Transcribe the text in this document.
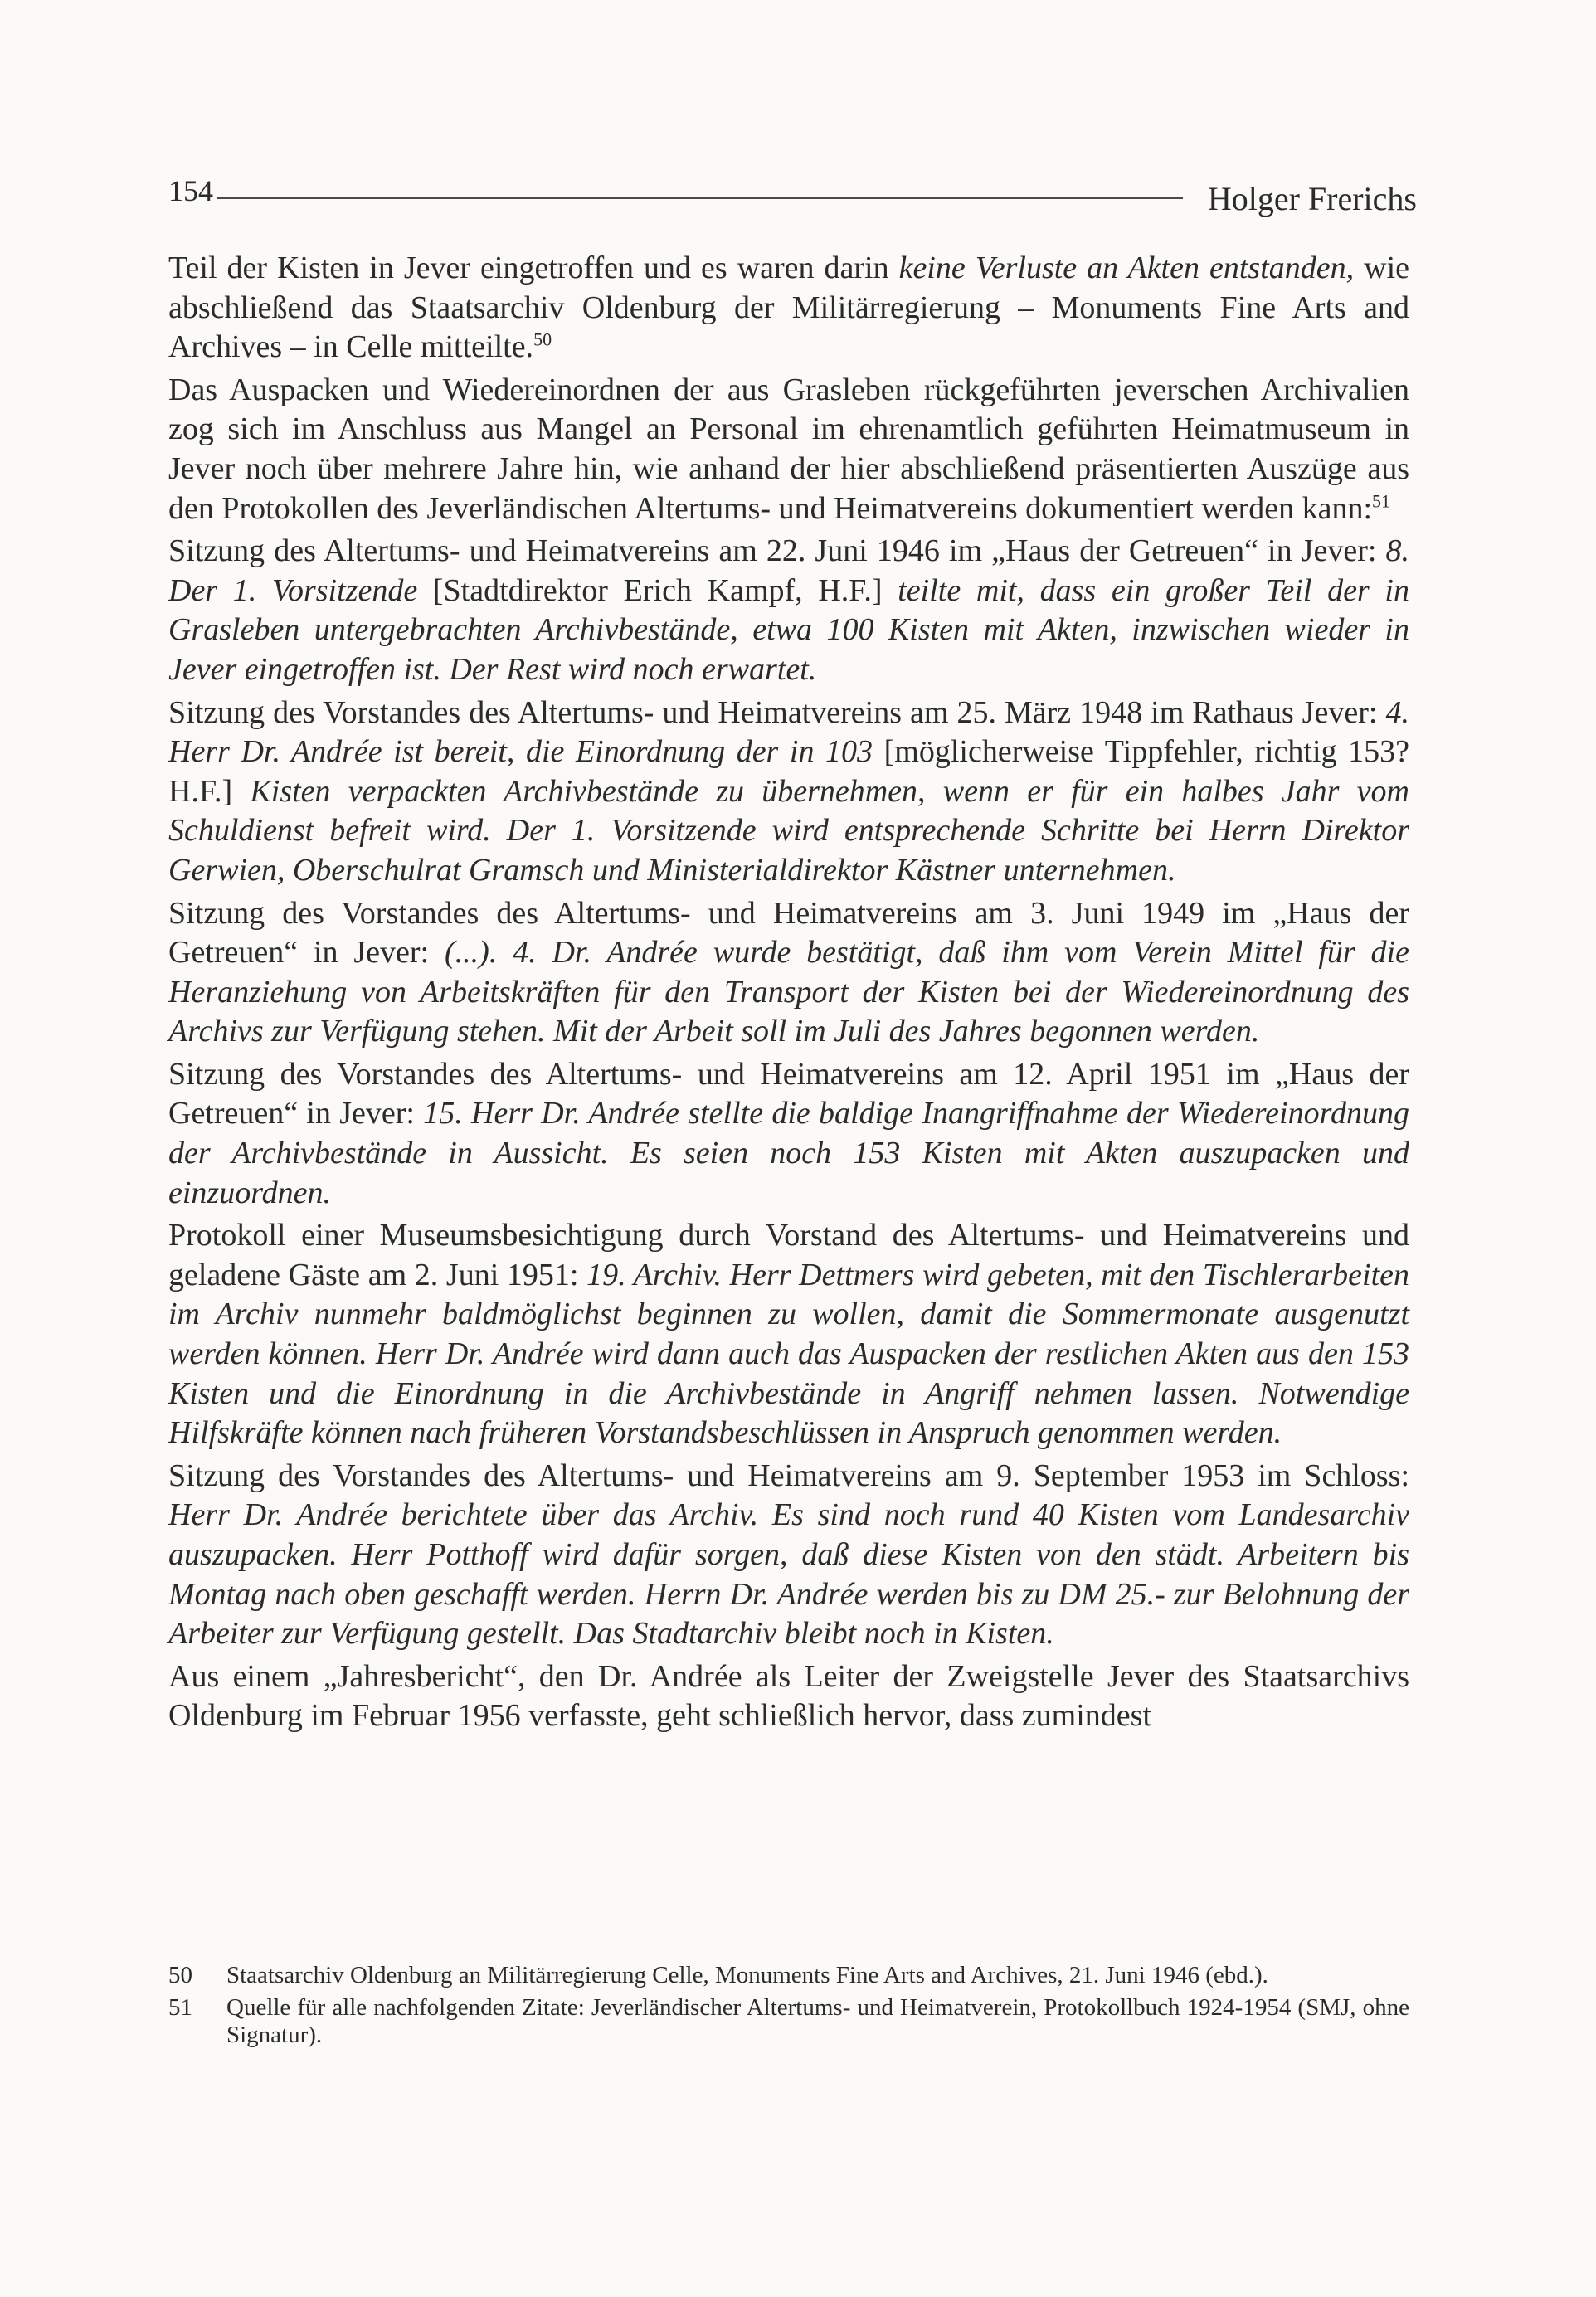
154	Holger Frerichs

Teil der Kisten in Jever eingetroffen und es waren darin keine Verluste an Akten entstanden, wie abschließend das Staatsarchiv Oldenburg der Militärregierung – Monuments Fine Arts and Archives – in Celle mitteilte.$^{50}$

Das Auspacken und Wiedereinordnen der aus Grasleben rückgeführten jeverschen Archivalien zog sich im Anschluss aus Mangel an Personal im ehrenamtlich geführten Heimatmuseum in Jever noch über mehrere Jahre hin, wie anhand der hier abschließend präsentierten Auszüge aus den Protokollen des Jeverländischen Altertums- und Heimatvereins dokumentiert werden kann:$^{51}$

Sitzung des Altertums- und Heimatvereins am 22. Juni 1946 im „Haus der Getreuen“ in Jever: 8. Der 1. Vorsitzende [Stadtdirektor Erich Kampf, H.F.] teilte mit, dass ein großer Teil der in Grasleben untergebrachten Archivbestände, etwa 100 Kisten mit Akten, inzwischen wieder in Jever eingetroffen ist. Der Rest wird noch erwartet.

Sitzung des Vorstandes des Altertums- und Heimatvereins am 25. März 1948 im Rathaus Jever: 4. Herr Dr. Andrée ist bereit, die Einordnung der in 103 [möglicherweise Tippfehler, richtig 153? H.F.] Kisten verpackten Archivbestände zu übernehmen, wenn er für ein halbes Jahr vom Schuldienst befreit wird. Der 1. Vorsitzende wird entsprechende Schritte bei Herrn Direktor Gerwien, Oberschulrat Gramsch und Ministerialdirektor Kästner unternehmen.

Sitzung des Vorstandes des Altertums- und Heimatvereins am 3. Juni 1949 im „Haus der Getreuen“ in Jever: (...). 4. Dr. Andrée wurde bestätigt, daß ihm vom Verein Mittel für die Heranziehung von Arbeitskräften für den Transport der Kisten bei der Wiedereinordnung des Archivs zur Verfügung stehen. Mit der Arbeit soll im Juli des Jahres begonnen werden.

Sitzung des Vorstandes des Altertums- und Heimatvereins am 12. April 1951 im „Haus der Getreuen“ in Jever: 15. Herr Dr. Andrée stellte die baldige Inangriffnahme der Wiedereinordnung der Archivbestände in Aussicht. Es seien noch 153 Kisten mit Akten auszupacken und einzuordnen.

Protokoll einer Museumsbesichtigung durch Vorstand des Altertums- und Heimatvereins und geladene Gäste am 2. Juni 1951: 19. Archiv. Herr Dettmers wird gebeten, mit den Tischlerarbeiten im Archiv nunmehr baldmöglichst beginnen zu wollen, damit die Sommermonate ausgenutzt werden können. Herr Dr. Andrée wird dann auch das Auspacken der restlichen Akten aus den 153 Kisten und die Einordnung in die Archivbestände in Angriff nehmen lassen. Notwendige Hilfskräfte können nach früheren Vorstandsbeschlüssen in Anspruch genommen werden.

Sitzung des Vorstandes des Altertums- und Heimatvereins am 9. September 1953 im Schloss: Herr Dr. Andrée berichtete über das Archiv. Es sind noch rund 40 Kisten vom Landesarchiv auszupacken. Herr Potthoff wird dafür sorgen, daß diese Kisten von den städt. Arbeitern bis Montag nach oben geschafft werden. Herrn Dr. Andrée werden bis zu DM 25.- zur Belohnung der Arbeiter zur Verfügung gestellt. Das Stadtarchiv bleibt noch in Kisten.

Aus einem „Jahresbericht“, den Dr. Andrée als Leiter der Zweigstelle Jever des Staatsarchivs Oldenburg im Februar 1956 verfasste, geht schließlich hervor, dass zumindest

50	Staatsarchiv Oldenburg an Militärregierung Celle, Monuments Fine Arts and Archives, 21. Juni 1946 (ebd.).
51	Quelle für alle nachfolgenden Zitate: Jeverländischer Altertums- und Heimatverein, Protokollbuch 1924-1954 (SMJ, ohne Signatur).
